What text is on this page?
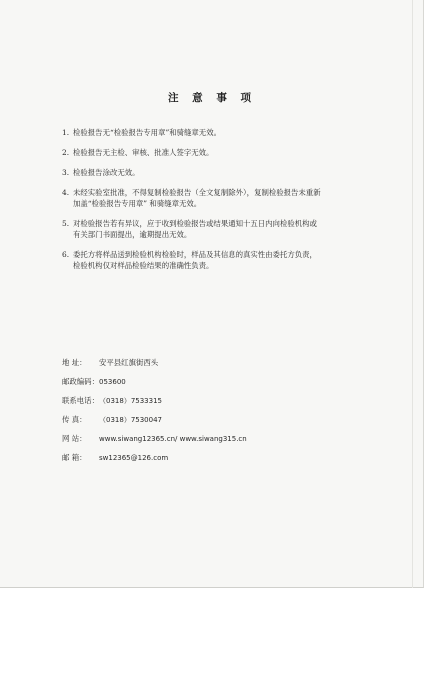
注 意 事 项
1. 检验报告无“检验报告专用章”和骑缝章无效。
2. 检验报告无主检、审核、批准人签字无效。
3. 检验报告涂改无效。
4. 未经实验室批准，不得复制检验报告（全文复制除外），复制检验报告未重新
加盖“检验报告专用章” 和骑缝章无效。
5. 对检验报告若有异议，应于收到检验报告或结果通知十五日内向检验机构或
有关部门书面提出，逾期提出无效。
6. 委托方将样品送到检验机构检验时，样品及其信息的真实性由委托方负责，
检验机构仅对样品检验结果的准确性负责。
地 址： 安平县红旗街西头
邮政编码：053600
联系电话：（0318）7533315
传 真： （0318）7530047
网 站： www.siwang12365.cn/ www.siwang315.cn
邮 箱： sw12365@126.com
